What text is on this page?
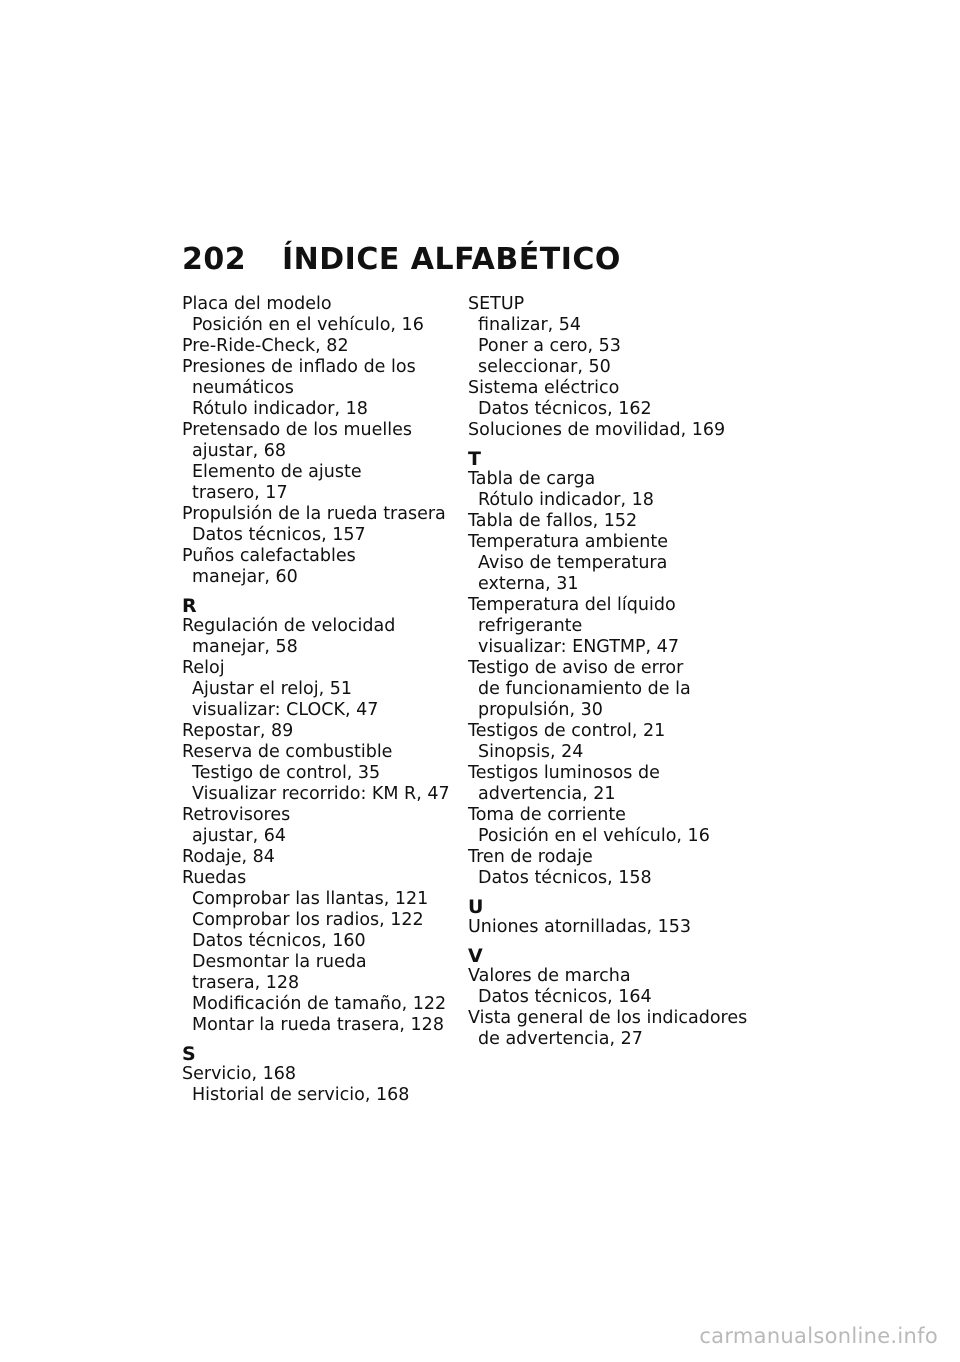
202	ÍNDICE ALFABÉTICO
Placa del modelo
Posición en el vehículo, 16
Pre-Ride-Check, 82
Presiones de inflado de los
neumáticos
Rótulo indicador, 18
Pretensado de los muelles
ajustar, 68
Elemento de ajuste
trasero, 17
Propulsión de la rueda trasera
Datos técnicos, 157
Puños calefactables
manejar, 60
R
Regulación de velocidad
manejar, 58
Reloj
Ajustar el reloj, 51
visualizar: CLOCK, 47
Repostar, 89
Reserva de combustible
Testigo de control, 35
Visualizar recorrido: KM R, 47
Retrovisores
ajustar, 64
Rodaje, 84
Ruedas
Comprobar las llantas, 121
Comprobar los radios, 122
Datos técnicos, 160
Desmontar la rueda
trasera, 128
Modificación de tamaño, 122
Montar la rueda trasera, 128
S
Servicio, 168
Historial de servicio, 168
SETUP
finalizar, 54
Poner a cero, 53
seleccionar, 50
Sistema eléctrico
Datos técnicos, 162
Soluciones de movilidad, 169
T
Tabla de carga
Rótulo indicador, 18
Tabla de fallos, 152
Temperatura ambiente
Aviso de temperatura
externa, 31
Temperatura del líquido
refrigerante
visualizar: ENGTMP, 47
Testigo de aviso de error
de funcionamiento de la
propulsión, 30
Testigos de control, 21
Sinopsis, 24
Testigos luminosos de
advertencia, 21
Toma de corriente
Posición en el vehículo, 16
Tren de rodaje
Datos técnicos, 158
U
Uniones atornilladas, 153
V
Valores de marcha
Datos técnicos, 164
Vista general de los indicadores
de advertencia, 27
carmanualsonline.info
